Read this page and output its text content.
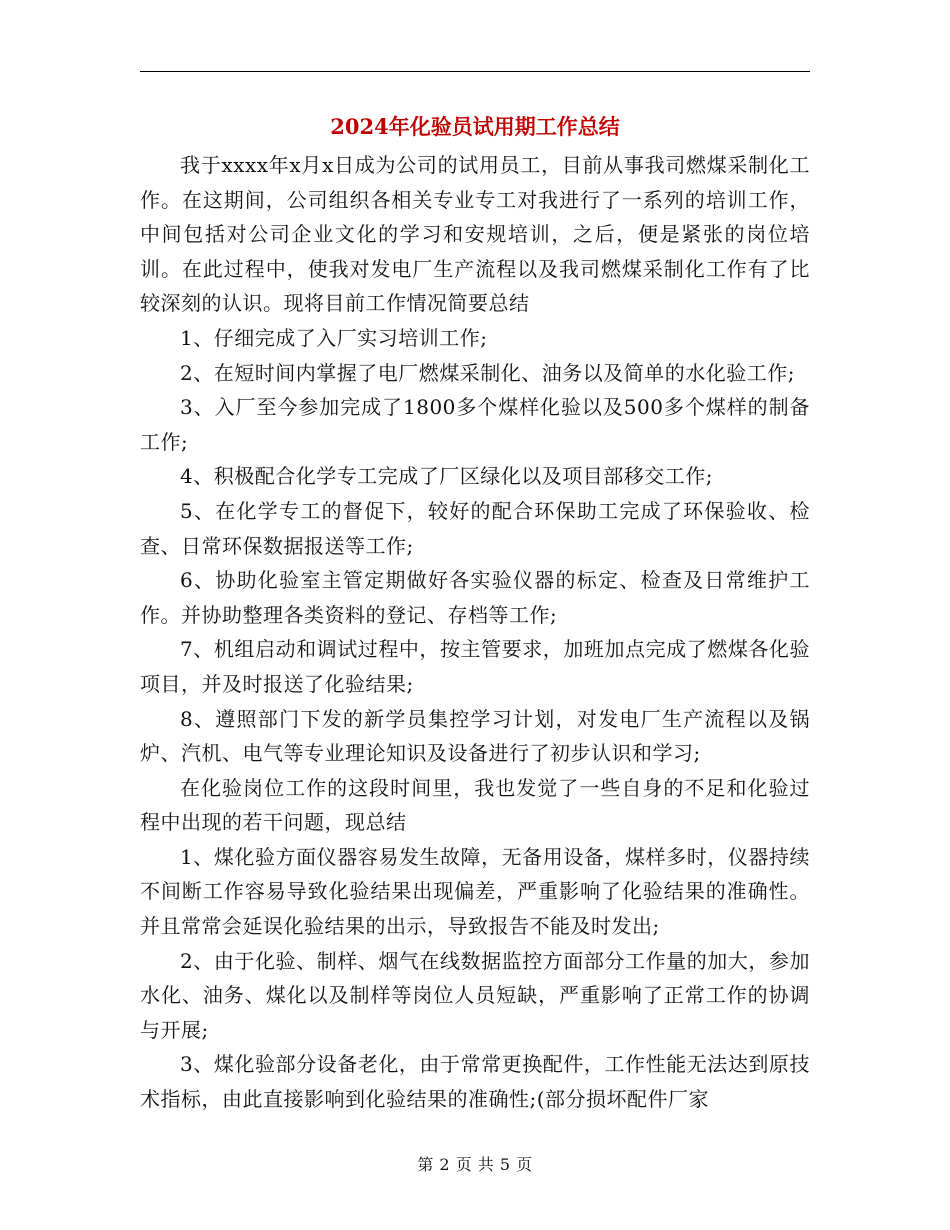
2024年化验员试用期工作总结

我于xxxx年x月x日成为公司的试用员工，目前从事我司燃煤采制化工作。在这期间，公司组织各相关专业专工对我进行了一系列的培训工作，中间包括对公司企业文化的学习和安规培训，之后，便是紧张的岗位培训。在此过程中，使我对发电厂生产流程以及我司燃煤采制化工作有了比较深刻的认识。现将目前工作情况简要总结

1、仔细完成了入厂实习培训工作;

2、在短时间内掌握了电厂燃煤采制化、油务以及简单的水化验工作;

3、入厂至今参加完成了1800多个煤样化验以及500多个煤样的制备工作;

4、积极配合化学专工完成了厂区绿化以及项目部移交工作;

5、在化学专工的督促下，较好的配合环保助工完成了环保验收、检查、日常环保数据报送等工作;

6、协助化验室主管定期做好各实验仪器的标定、检查及日常维护工作。并协助整理各类资料的登记、存档等工作;

7、机组启动和调试过程中，按主管要求，加班加点完成了燃煤各化验项目，并及时报送了化验结果;

8、遵照部门下发的新学员集控学习计划，对发电厂生产流程以及锅炉、汽机、电气等专业理论知识及设备进行了初步认识和学习;

在化验岗位工作的这段时间里，我也发觉了一些自身的不足和化验过程中出现的若干问题，现总结

1、煤化验方面仪器容易发生故障，无备用设备，煤样多时，仪器持续不间断工作容易导致化验结果出现偏差，严重影响了化验结果的准确性。并且常常会延误化验结果的出示，导致报告不能及时发出;

2、由于化验、制样、烟气在线数据监控方面部分工作量的加大，参加水化、油务、煤化以及制样等岗位人员短缺，严重影响了正常工作的协调与开展;

3、煤化验部分设备老化，由于常常更换配件，工作性能无法达到原技术指标，由此直接影响到化验结果的准确性;(部分损坏配件厂家

第 2 页 共 5 页
